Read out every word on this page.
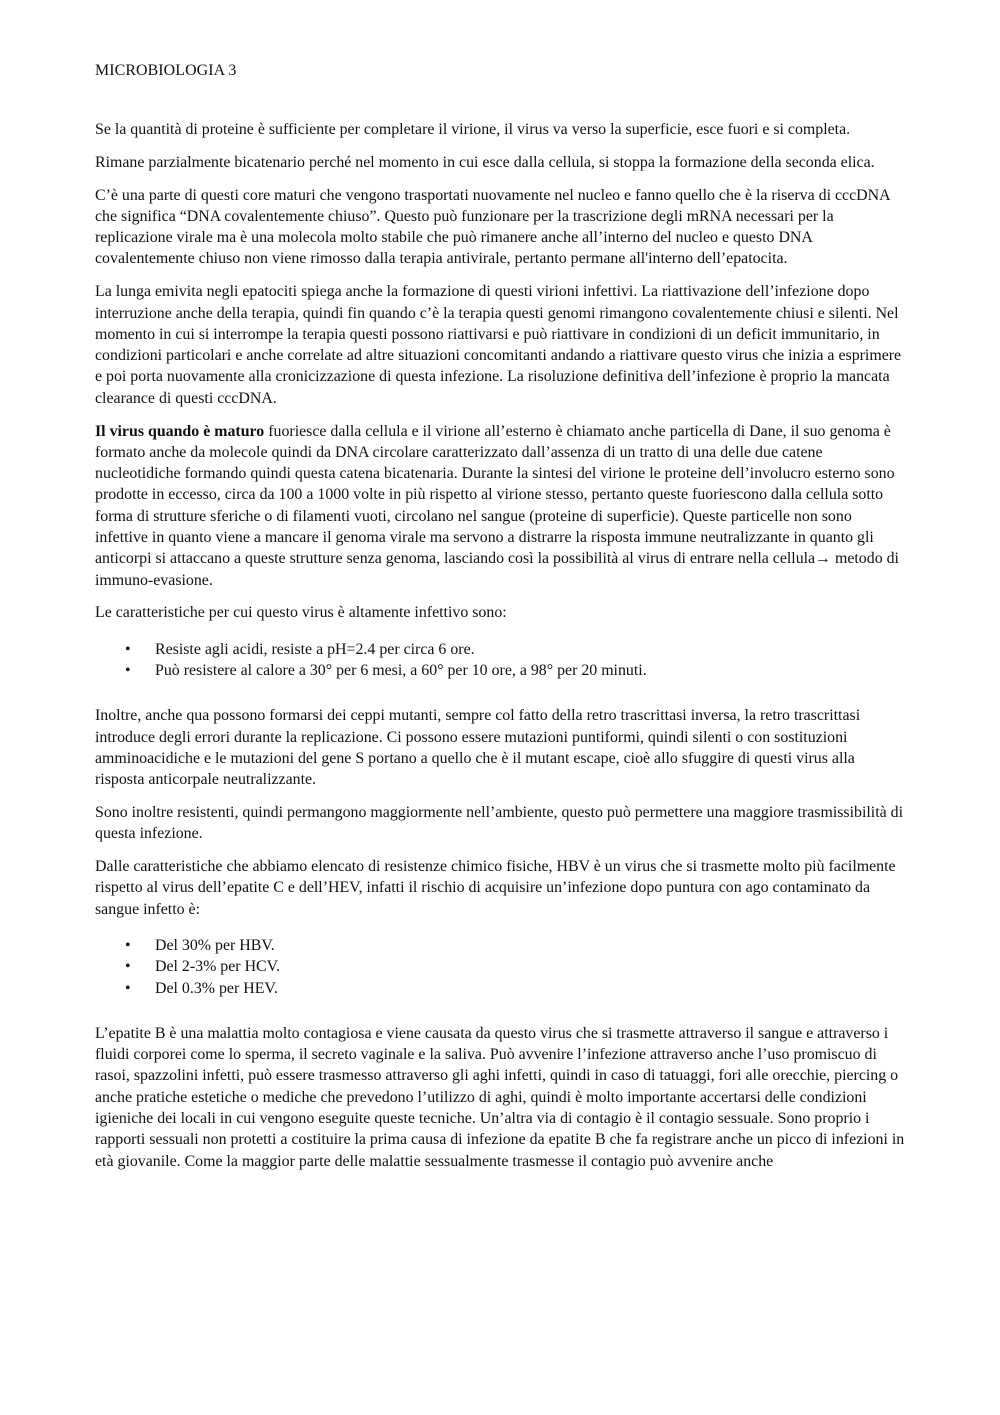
MICROBIOLOGIA 3

Se la quantità di proteine è sufficiente per completare il virione, il virus va verso la superficie, esce fuori e si completa.

Rimane parzialmente bicatenario perché nel momento in cui esce dalla cellula, si stoppa la formazione della seconda elica.

C’è una parte di questi core maturi che vengono trasportati nuovamente nel nucleo e fanno quello che è la riserva di cccDNA che significa “DNA covalentemente chiuso”. Questo può funzionare per la trascrizione degli mRNA necessari per la replicazione virale ma è una molecola molto stabile che può rimanere anche all’interno del nucleo e questo DNA covalentemente chiuso non viene rimosso dalla terapia antivirale, pertanto permane all'interno dell’epatocita.

La lunga emivita negli epatociti spiega anche la formazione di questi virioni infettivi. La riattivazione dell’infezione dopo interruzione anche della terapia, quindi fin quando c’è la terapia questi genomi rimangono covalentemente chiusi e silenti. Nel momento in cui si interrompe la terapia questi possono riattivarsi e può riattivare in condizioni di un deficit immunitario, in condizioni particolari e anche correlate ad altre situazioni concomitanti andando a riattivare questo virus che inizia a esprimere e poi porta nuovamente alla cronicizzazione di questa infezione. La risoluzione definitiva dell’infezione è proprio la mancata clearance di questi cccDNA.

Il virus quando è maturo fuoriesce dalla cellula e il virione all’esterno è chiamato anche particella di Dane, il suo genoma è formato anche da molecole quindi da DNA circolare caratterizzato dall’assenza di un tratto di una delle due catene nucleotidiche formando quindi questa catena bicatenaria. Durante la sintesi del virione le proteine dell’involucro esterno sono prodotte in eccesso, circa da 100 a 1000 volte in più rispetto al virione stesso, pertanto queste fuoriescono dalla cellula sotto forma di strutture sferiche o di filamenti vuoti, circolano nel sangue (proteine di superficie). Queste particelle non sono infettive in quanto viene a mancare il genoma virale ma servono a distrarre la risposta immune neutralizzante in quanto gli anticorpi si attaccano a queste strutture senza genoma, lasciando così la possibilità al virus di entrare nella cellula→ metodo di immuno-evasione.

Le caratteristiche per cui questo virus è altamente infettivo sono:

• Resiste agli acidi, resiste a pH=2.4 per circa 6 ore.
• Può resistere al calore a 30° per 6 mesi, a 60° per 10 ore, a 98° per 20 minuti.

Inoltre, anche qua possono formarsi dei ceppi mutanti, sempre col fatto della retro trascrittasi inversa, la retro trascrittasi introduce degli errori durante la replicazione. Ci possono essere mutazioni puntiformi, quindi silenti o con sostituzioni amminoacidiche e le mutazioni del gene S portano a quello che è il mutant escape, cioè allo sfuggire di questi virus alla risposta anticorpale neutralizzante.

Sono inoltre resistenti, quindi permangono maggiormente nell’ambiente, questo può permettere una maggiore trasmissibilità di questa infezione.

Dalle caratteristiche che abbiamo elencato di resistenze chimico fisiche, HBV è un virus che si trasmette molto più facilmente rispetto al virus dell’epatite C e dell’HEV, infatti il rischio di acquisire un’infezione dopo puntura con ago contaminato da sangue infetto è:

• Del 30% per HBV.
• Del 2-3% per HCV.
• Del 0.3% per HEV.

L’epatite B è una malattia molto contagiosa e viene causata da questo virus che si trasmette attraverso il sangue e attraverso i fluidi corporei come lo sperma, il secreto vaginale e la saliva. Può avvenire l’infezione attraverso anche l’uso promiscuo di rasoi, spazzolini infetti, può essere trasmesso attraverso gli aghi infetti, quindi in caso di tatuaggi, fori alle orecchie, piercing o anche pratiche estetiche o mediche che prevedono l’utilizzo di aghi, quindi è molto importante accertarsi delle condizioni igieniche dei locali in cui vengono eseguite queste tecniche. Un’altra via di contagio è il contagio sessuale. Sono proprio i rapporti sessuali non protetti a costituire la prima causa di infezione da epatite B che fa registrare anche un picco di infezioni in età giovanile. Come la maggior parte delle malattie sessualmente trasmesse il contagio può avvenire anche
